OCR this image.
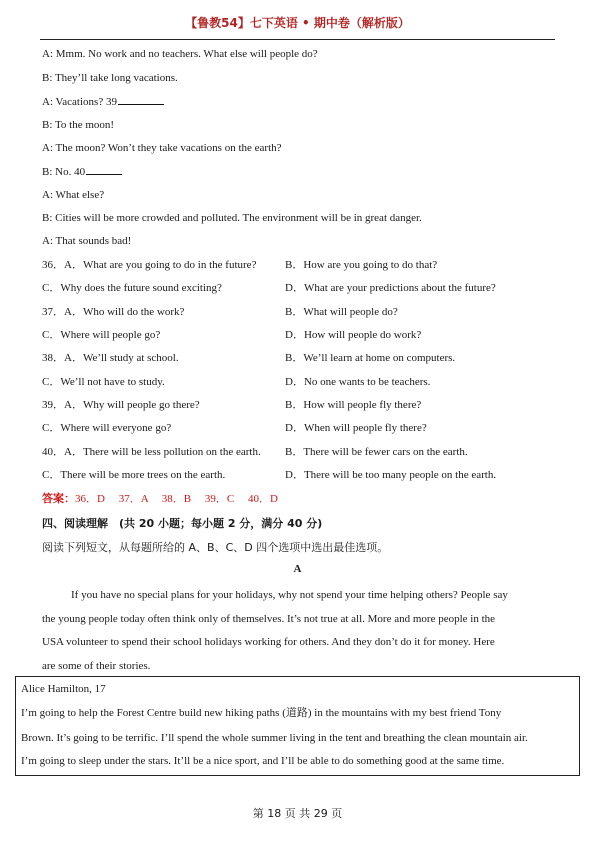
【鲁教54】七下英语 • 期中卷（解析版）
A: Mmm. No work and no teachers. What else will people do?
B: They’ll take long vacations.
A: Vacations? 39
B: To the moon!
A: The moon? Won’t they take vacations on the earth?
B: No. 40
A: What else?
B: Cities will be more crowded and polluted. The environment will be in great danger.
A: That sounds bad!
36．A．What are you going to do in the future?	B．How are you going to do that?
C．Why does the future sound exciting?	D．What are your predictions about the future?
37．A．Who will do the work?	B．What will people do?
C．Where will people go?	D．How will people do work?
38．A．We’ll study at school.	B．We’ll learn at home on computers.
C．We’ll not have to study.	D．No one wants to be teachers.
39．A．Why will people go there?	B．How will people fly there?
C．Where will everyone go?	D．When will people fly there?
40．A．There will be less pollution on the earth. B．There will be fewer cars on the earth.
C．There will be more trees on the earth.	D．There will be too many people on the earth.
答案：36．D　 37．A　 38．B　 39．C　 40．D
四、阅读理解　(共 20 小题；每小题 2 分，满分 40 分)
阅读下列短文，从每题所给的 A、B、C、D 四个选项中选出最佳选项。
A
If you have no special plans for your holidays, why not spend your time helping others? People say
the young people today often think only of themselves. It’s not true at all. More and more people in the
USA volunteer to spend their school holidays working for others. And they don’t do it for money. Here
are some of their stories.
Alice Hamilton, 17
I’m going to help the Forest Centre build new hiking paths (道路) in the mountains with my best friend Tony
Brown. It’s going to be terrific. I’ll spend the whole summer living in the tent and breathing the clean mountain air.
I’m going to sleep under the stars. It’ll be a nice sport, and I’ll be able to do something good at the same time.
第 18 页 共 29 页
